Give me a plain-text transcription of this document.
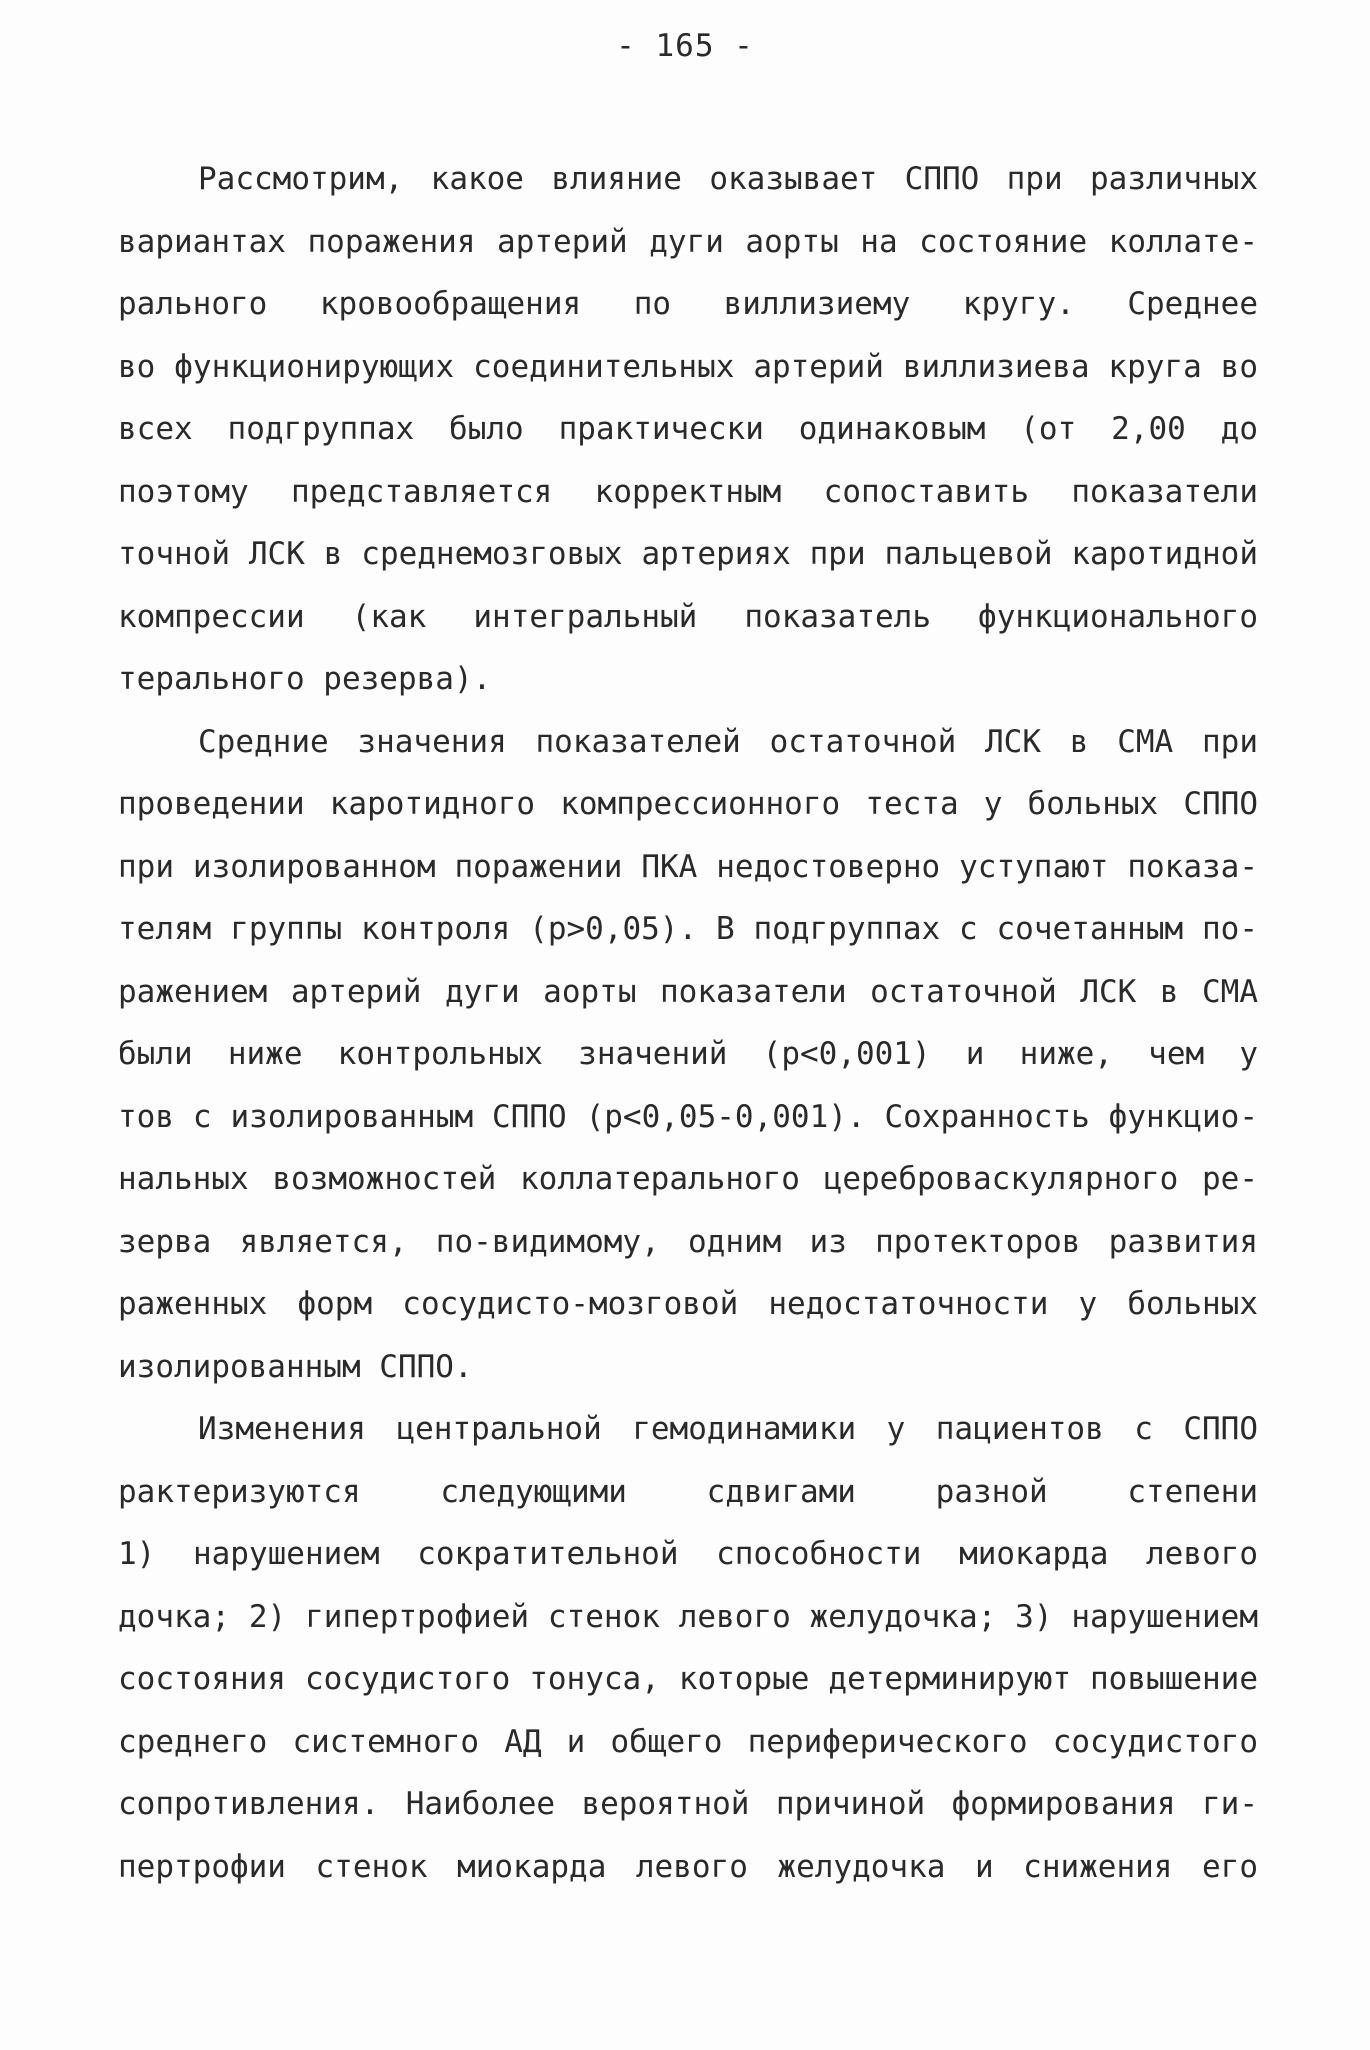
- 165 -
Рассмотрим, какое влияние оказывает СППО при различных
вариантах поражения артерий дуги аорты на состояние коллате-
рального кровообращения по виллизиему кругу. Среднее
во функционирующих соединительных артерий виллизиева круга во
всех подгруппах было практически одинаковым (от 2,00 до
поэтому представляется корректным сопоставить показатели
точной ЛСК в среднемозговых артериях при пальцевой каротидной
компрессии (как интегральный показатель функционального
терального резерва).
Средние значения показателей остаточной ЛСК в СМА при
проведении каротидного компрессионного теста у больных СППО
при изолированном поражении ПКА недостоверно уступают показа-
телям группы контроля (p>0,05). В подгруппах с сочетанным по-
ражением артерий дуги аорты показатели остаточной ЛСК в СМА
были ниже контрольных значений (p<0,001) и ниже, чем у
тов с изолированным СППО (p<0,05-0,001). Сохранность функцио-
нальных возможностей коллатерального цереброваскулярного ре-
зерва является, по-видимому, одним из протекторов развития
раженных форм сосудисто-мозговой недостаточности у больных
изолированным СППО.
Изменения центральной гемодинамики у пациентов с СППО
рактеризуются следующими сдвигами разной степени
1) нарушением сократительной способности миокарда левого
дочка; 2) гипертрофией стенок левого желудочка; 3) нарушением
состояния сосудистого тонуса, которые детерминируют повышение
среднего системного АД и общего периферического сосудистого
сопротивления. Наиболее вероятной причиной формирования ги-
пертрофии стенок миокарда левого желудочка и снижения его
